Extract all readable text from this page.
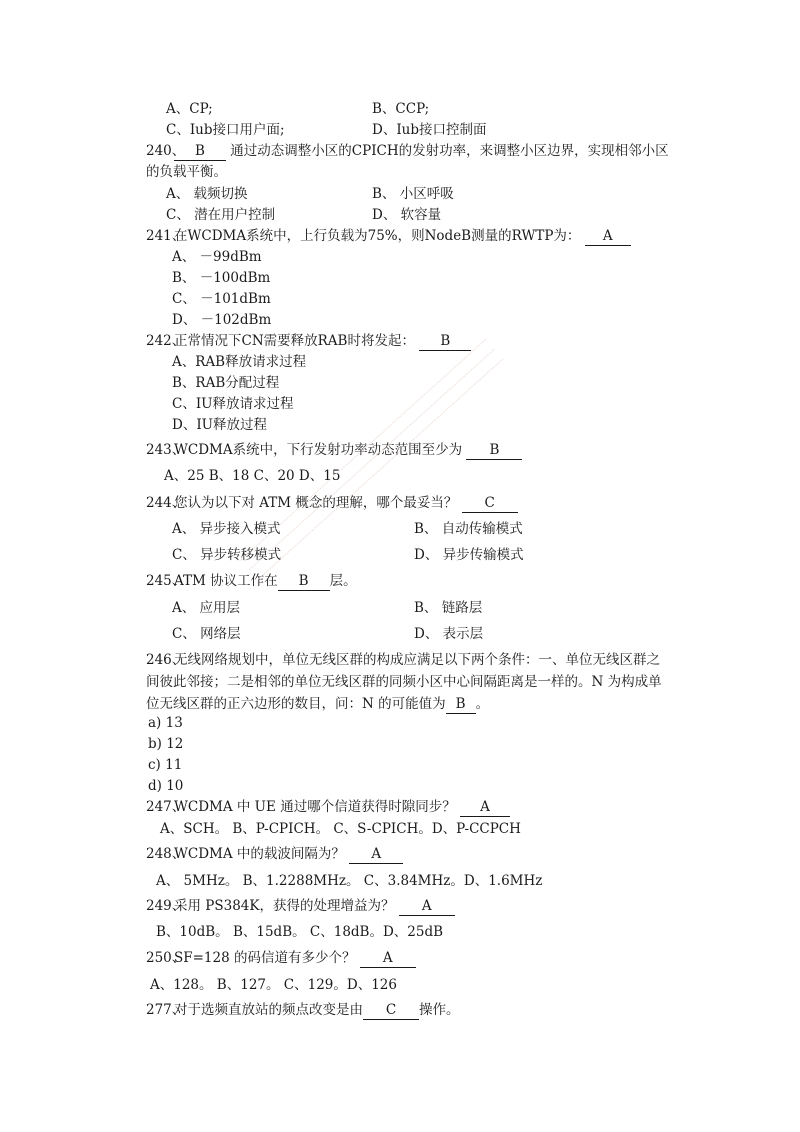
A、CP;	B、CCP;
C、Iub接口用户面;	D、Iub接口控制面
240、 B 通过动态调整小区的CPICH的发射功率，来调整小区边界，实现相邻小区
的负载平衡。
A、 载频切换	B、 小区呼吸
C、 潜在用户控制	D、 软容量
241、
在WCDMA系统中，上行负载为75%，则NodeB测量的RWTP为： A
A、 －99dBm
B、 －100dBm
C、 －101dBm
D、 －102dBm
242、
正常情况下CN需要释放RAB时将发起： B
A、RAB释放请求过程
B、RAB分配过程
C、IU释放请求过程
D、IU释放过程
243、
WCDMA系统中，下行发射功率动态范围至少为 B
A、25 B、18 C、20 D、15
244、
您认为以下对 ATM 概念的理解，哪个最妥当？ C
A、 异步接入模式	B、 自动传输模式
C、 异步转移模式	D、 异步传输模式
245、
ATM 协议工作在 B 层。
A、 应用层	B、 链路层
C、 网络层	D、 表示层
246、
无线网络规划中，单位无线区群的构成应满足以下两个条件：一、单位无线区群之
间彼此邻接；二是相邻的单位无线区群的同频小区中心间隔距离是一样的。N 为构成单
位无线区群的正六边形的数目，问：N 的可能值为 B 。
a) 13
b) 12
c) 11
d) 10
247、
WCDMA 中 UE 通过哪个信道获得时隙同步？ A
A、SCH。 B、P-CPICH。 C、S-CPICH。D、P-CCPCH
248、
WCDMA 中的载波间隔为？ A
A、 5MHz。 B、1.2288MHz。 C、3.84MHz。D、1.6MHz
249、
采用 PS384K，获得的处理增益为？ A
B、10dB。 B、15dB。 C、18dB。D、25dB
250、
SF=128 的码信道有多少个？ A
A、128。 B、127。 C、129。D、126
277、
对于选频直放站的频点改变是由 C 操作。
